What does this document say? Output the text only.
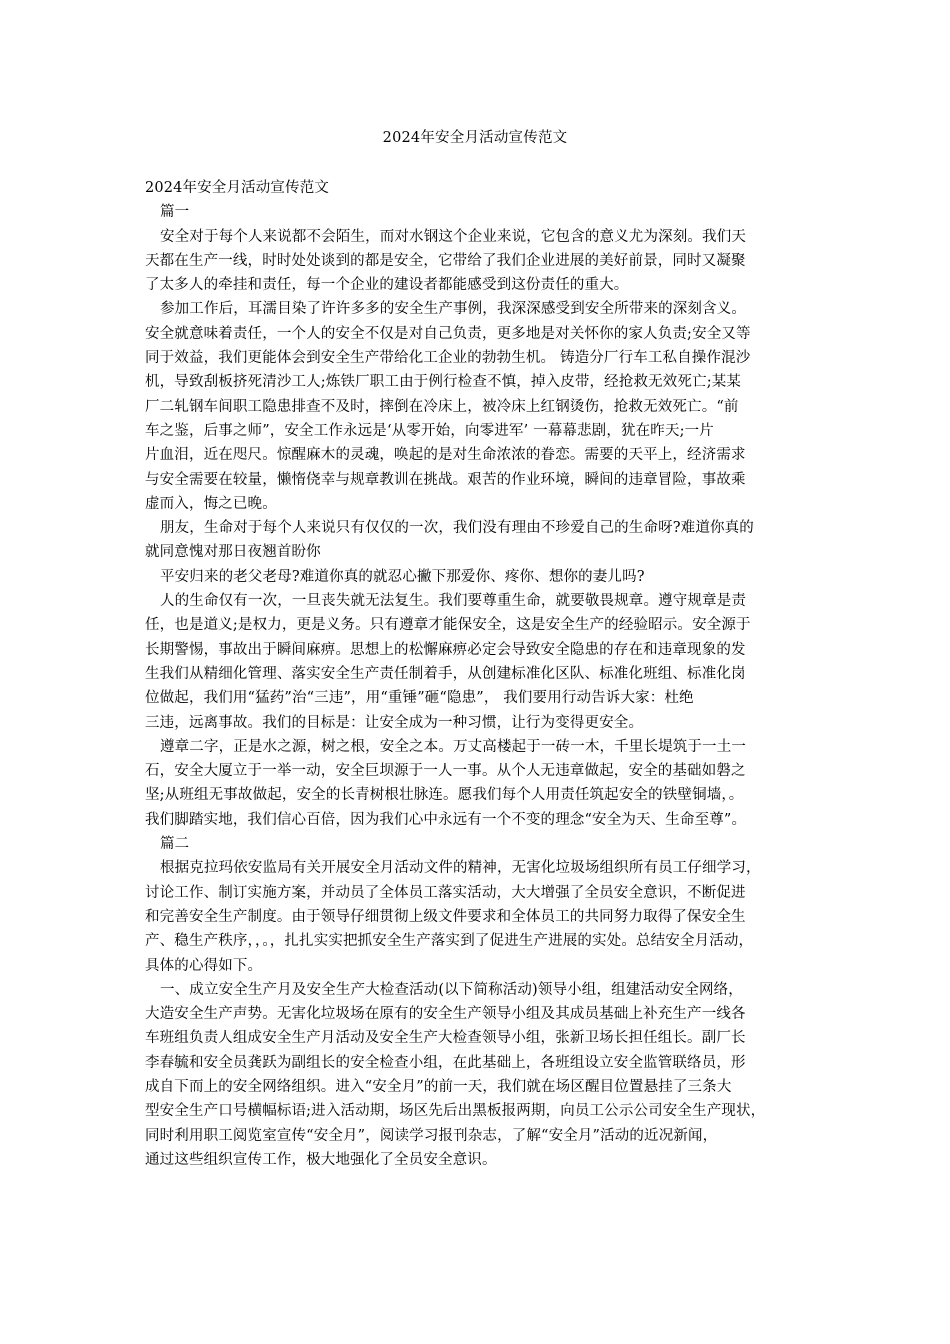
2024年安全月活动宣传范文
2024年安全月活动宣传范文
篇一
安全对于每个人来说都不会陌生，而对水钢这个企业来说，它包含的意义尤为深刻。我们天
天都在生产一线，时时处处谈到的都是安全，它带给了我们企业进展的美好前景，同时又凝聚
了太多人的牵挂和责任，每一个企业的建设者都能感受到这份责任的重大。
参加工作后，耳濡目染了许许多多的安全生产事例，我深深感受到安全所带来的深刻含义。
安全就意味着责任，一个人的安全不仅是对自己负责，更多地是对关怀你的家人负责;安全又等
同于效益，我们更能体会到安全生产带给化工企业的勃勃生机。 铸造分厂行车工私自操作混沙
机，导致刮板挤死清沙工人;炼铁厂职工由于例行检查不慎，掉入皮带，经抢救无效死亡;某某
厂二轧钢车间职工隐患排查不及时，摔倒在冷床上，被冷床上红钢烫伤，抢救无效死亡。“前
车之鉴，后事之师”，安全工作永远是‘从零开始，向零进军’ 一幕幕悲剧，犹在昨天;一片
片血泪，近在咫尺。惊醒麻木的灵魂，唤起的是对生命浓浓的眷恋。需要的天平上，经济需求
与安全需要在较量，懒惰侥幸与规章教训在挑战。艰苦的作业环境，瞬间的违章冒险，事故乘
虚而入，悔之已晚。
朋友，生命对于每个人来说只有仅仅的一次，我们没有理由不珍爱自己的生命呀?难道你真的
就同意愧对那日夜翘首盼你
平安归来的老父老母?难道你真的就忍心撇下那爱你、疼你、想你的妻儿吗?
人的生命仅有一次，一旦丧失就无法复生。我们要尊重生命，就要敬畏规章。遵守规章是责
任，也是道义;是权力，更是义务。只有遵章才能保安全，这是安全生产的经验昭示。安全源于
长期警惕，事故出于瞬间麻痹。思想上的松懈麻痹必定会导致安全隐患的存在和违章现象的发
生我们从精细化管理、落实安全生产责任制着手，从创建标准化区队、标准化班组、标准化岗
位做起，我们用“猛药”治“三违”，用“重锤”砸“隐患”， 我们要用行动告诉大家：杜绝
三违，远离事故。我们的目标是：让安全成为一种习惯，让行为变得更安全。
遵章二字，正是水之源，树之根，安全之本。万丈高楼起于一砖一木，千里长堤筑于一土一
石，安全大厦立于一举一动，安全巨坝源于一人一事。从个人无违章做起，安全的基础如磐之
坚;从班组无事故做起，安全的长青树根壮脉连。愿我们每个人用责任筑起安全的铁壁铜墙，。
我们脚踏实地，我们信心百倍，因为我们心中永远有一个不变的理念“安全为天、生命至尊”。
篇二
根据克拉玛依安监局有关开展安全月活动文件的精神，无害化垃圾场组织所有员工仔细学习，
讨论工作、制订实施方案，并动员了全体员工落实活动，大大增强了全员安全意识，不断促进
和完善安全生产制度。由于领导仔细贯彻上级文件要求和全体员工的共同努力取得了保安全生
产、稳生产秩序，，。，扎扎实实把抓安全生产落实到了促进生产进展的实处。总结安全月活动，
具体的心得如下。
一、成立安全生产月及安全生产大检查活动(以下简称活动)领导小组，组建活动安全网络，
大造安全生产声势。无害化垃圾场在原有的安全生产领导小组及其成员基础上补充生产一线各
车班组负责人组成安全生产月活动及安全生产大检查领导小组，张新卫场长担任组长。副厂长
李春毓和安全员龚跃为副组长的安全检查小组，在此基础上，各班组设立安全监管联络员，形
成自下而上的安全网络组织。进入“安全月”的前一天，我们就在场区醒目位置悬挂了三条大
型安全生产口号横幅标语;进入活动期，场区先后出黑板报两期，向员工公示公司安全生产现状，
同时利用职工阅览室宣传“安全月”，阅读学习报刊杂志，了解“安全月”活动的近况新闻，
通过这些组织宣传工作，极大地强化了全员安全意识。
